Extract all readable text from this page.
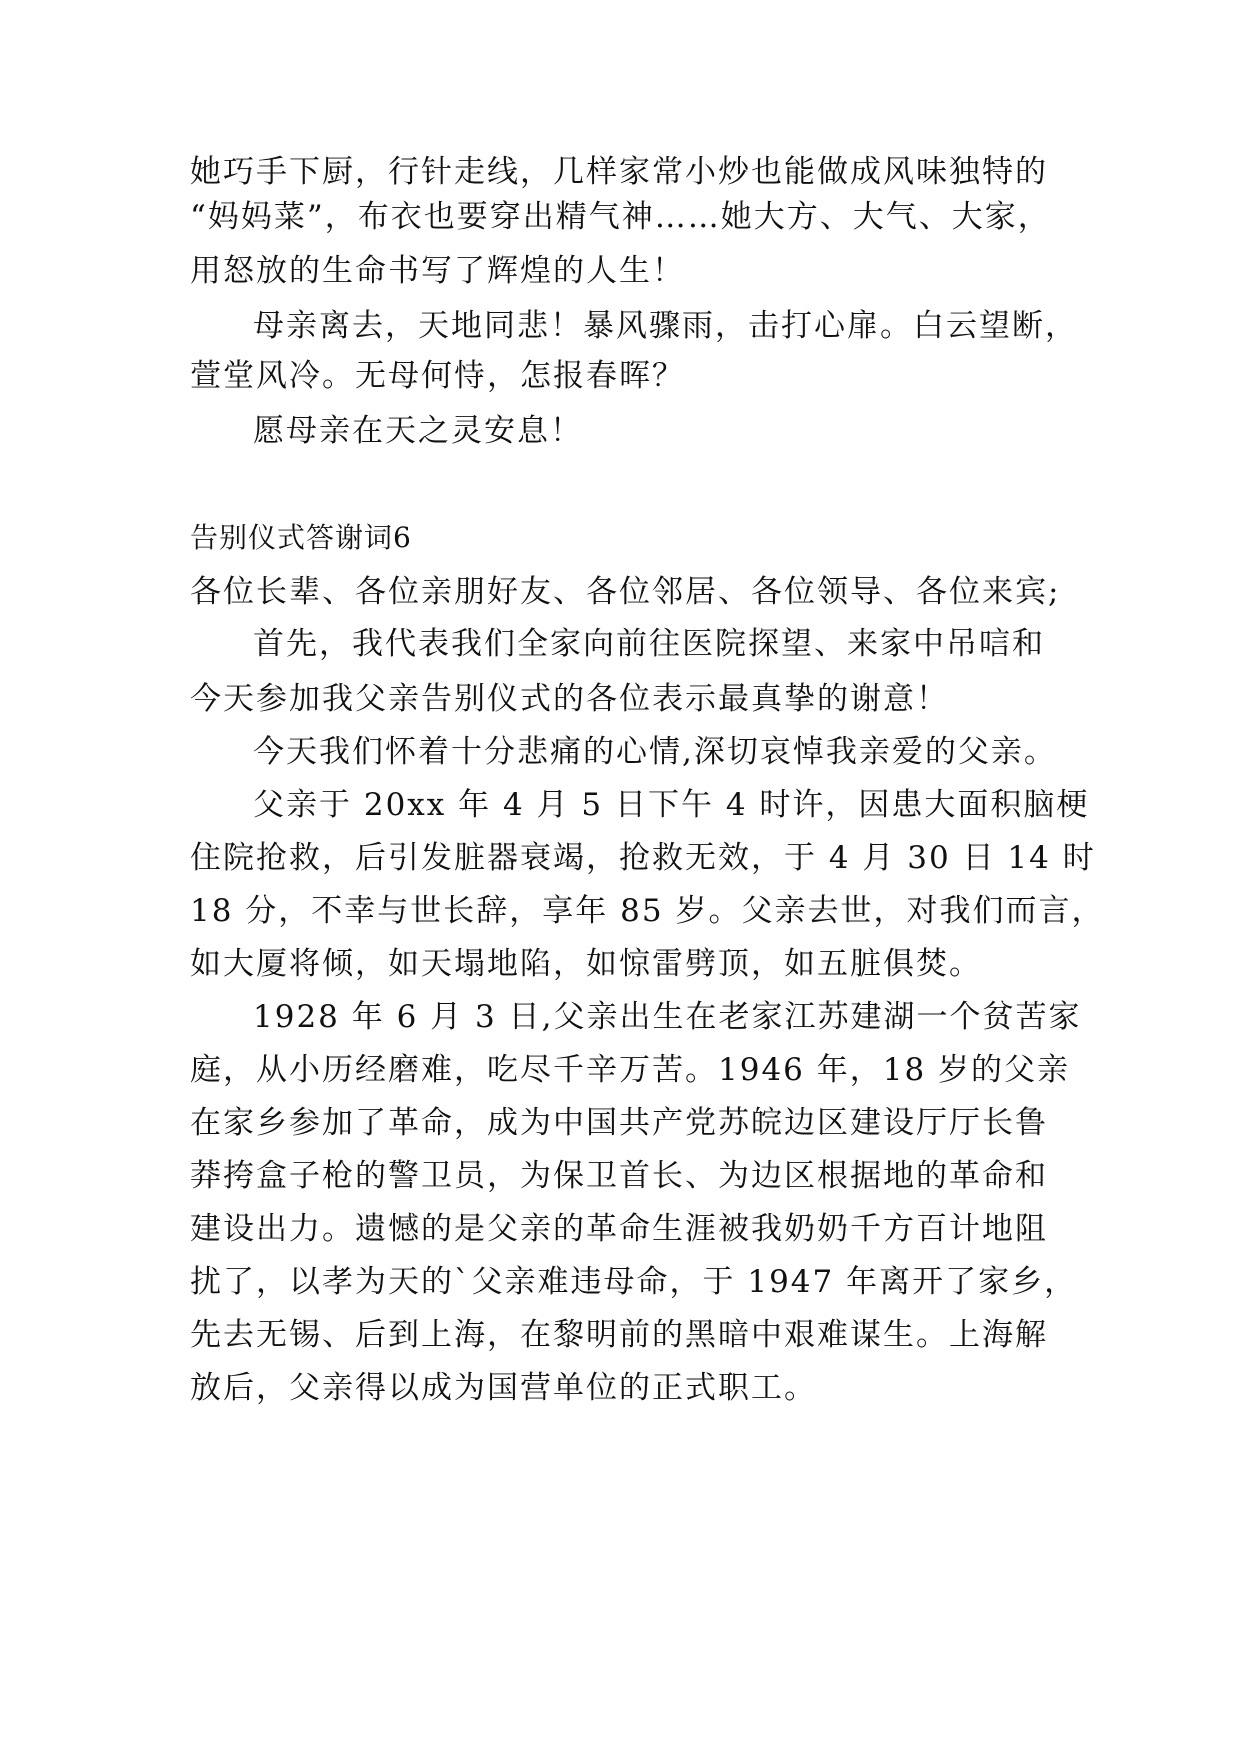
她巧手下厨，行针走线，几样家常小炒也能做成风味独特的
“妈妈菜”，布衣也要穿出精气神……她大方、大气、大家，
用怒放的生命书写了辉煌的人生！
母亲离去，天地同悲！暴风骤雨，击打心扉。白云望断，
萱堂风冷。无母何恃，怎报春晖？
愿母亲在天之灵安息！
告别仪式答谢词6
各位长辈、各位亲朋好友、各位邻居、各位领导、各位来宾;
首先，我代表我们全家向前往医院探望、来家中吊唁和
今天参加我父亲告别仪式的各位表示最真挚的谢意！
今天我们怀着十分悲痛的心情,深切哀悼我亲爱的父亲。
父亲于 20xx 年 4 月 5 日下午 4 时许，因患大面积脑梗
住院抢救，后引发脏器衰竭，抢救无效，于 4 月 30 日 14 时
18 分，不幸与世长辞，享年 85 岁。父亲去世，对我们而言，
如大厦将倾，如天塌地陷，如惊雷劈顶，如五脏俱焚。
1928 年 6 月 3 日,父亲出生在老家江苏建湖一个贫苦家
庭，从小历经磨难，吃尽千辛万苦。1946 年，18 岁的父亲
在家乡参加了革命，成为中国共产党苏皖边区建设厅厅长鲁
莽挎盒子枪的警卫员，为保卫首长、为边区根据地的革命和
建设出力。遗憾的是父亲的革命生涯被我奶奶千方百计地阻
扰了，以孝为天的`父亲难违母命，于 1947 年离开了家乡，
先去无锡、后到上海，在黎明前的黑暗中艰难谋生。上海解
放后，父亲得以成为国营单位的正式职工。
